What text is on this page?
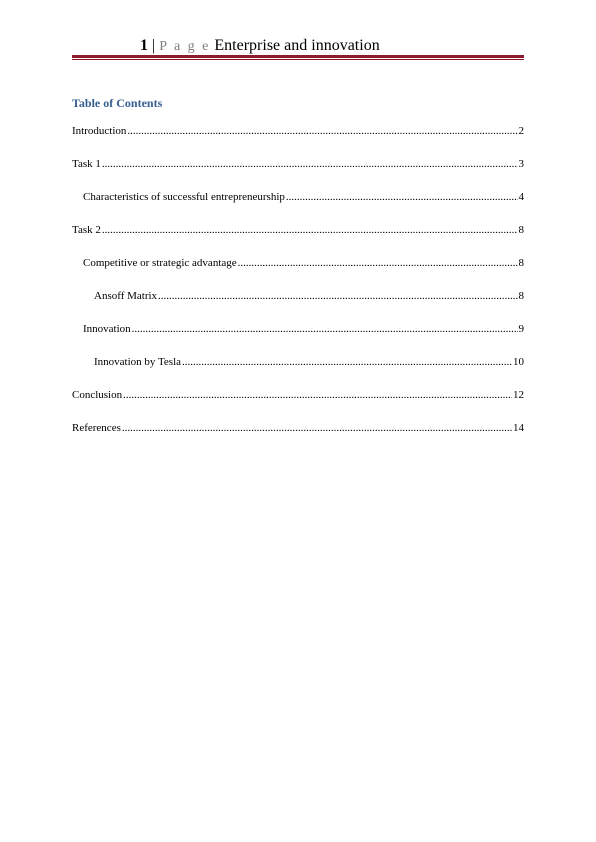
1 | P a g e Enterprise and innovation
Table of Contents
Introduction .....	2
Task 1 .....	3
Characteristics of successful entrepreneurship .....	4
Task 2 .....	8
Competitive or strategic advantage .....	8
Ansoff Matrix .....	8
Innovation .....	9
Innovation by Tesla .....	10
Conclusion .....	12
References .....	14
